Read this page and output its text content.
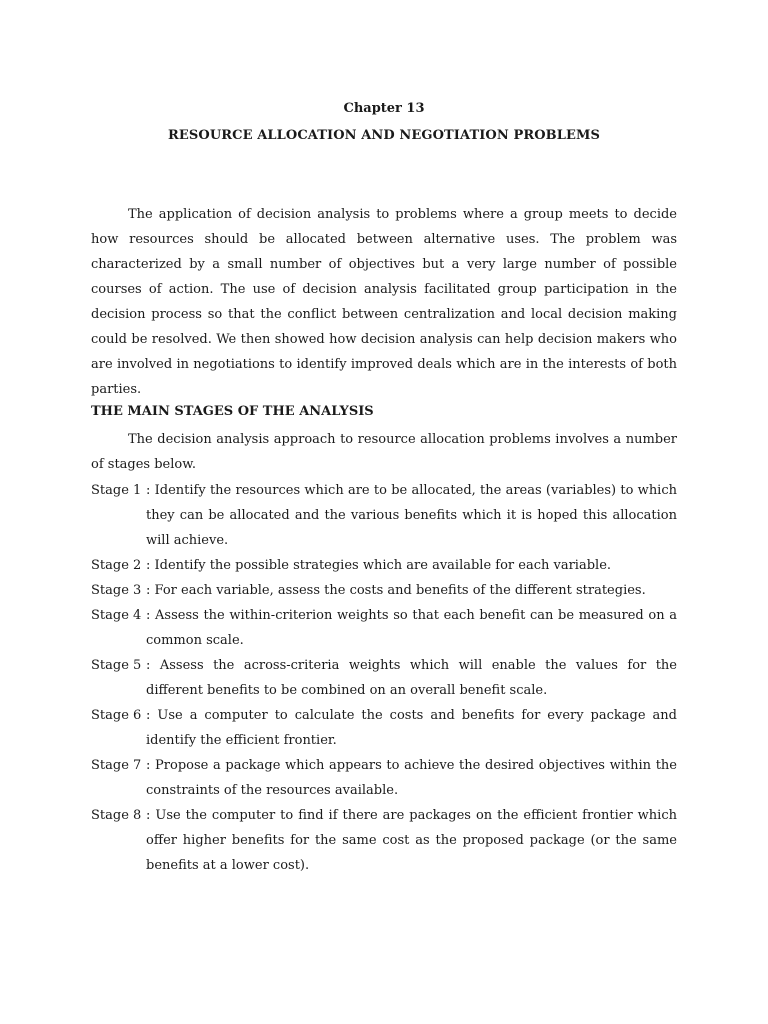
Chapter 13
RESOURCE ALLOCATION AND NEGOTIATION PROBLEMS

The application of decision analysis to problems where a group meets to decide how resources should be allocated between alternative uses. The problem was characterized by a small number of objectives but a very large number of possible courses of action. The use of decision analysis facilitated group participation in the decision process so that the conflict between centralization and local decision making could be resolved. We then showed how decision analysis can help decision makers who are involved in negotiations to identify improved deals which are in the interests of both parties.

THE MAIN STAGES OF THE ANALYSIS

The decision analysis approach to resource allocation problems involves a number of stages below.

Stage 1 : Identify the resources which are to be allocated, the areas (variables) to which they can be allocated and the various benefits which it is hoped this allocation will achieve.
Stage 2 : Identify the possible strategies which are available for each variable.
Stage 3 : For each variable, assess the costs and benefits of the different strategies.
Stage 4 : Assess the within-criterion weights so that each benefit can be measured on a common scale.
Stage 5 : Assess the across-criteria weights which will enable the values for the different benefits to be combined on an overall benefit scale.
Stage 6 : Use a computer to calculate the costs and benefits for every package and identify the efficient frontier.
Stage 7 : Propose a package which appears to achieve the desired objectives within the constraints of the resources available.
Stage 8 : Use the computer to find if there are packages on the efficient frontier which offer higher benefits for the same cost as the proposed package (or the same benefits at a lower cost).
